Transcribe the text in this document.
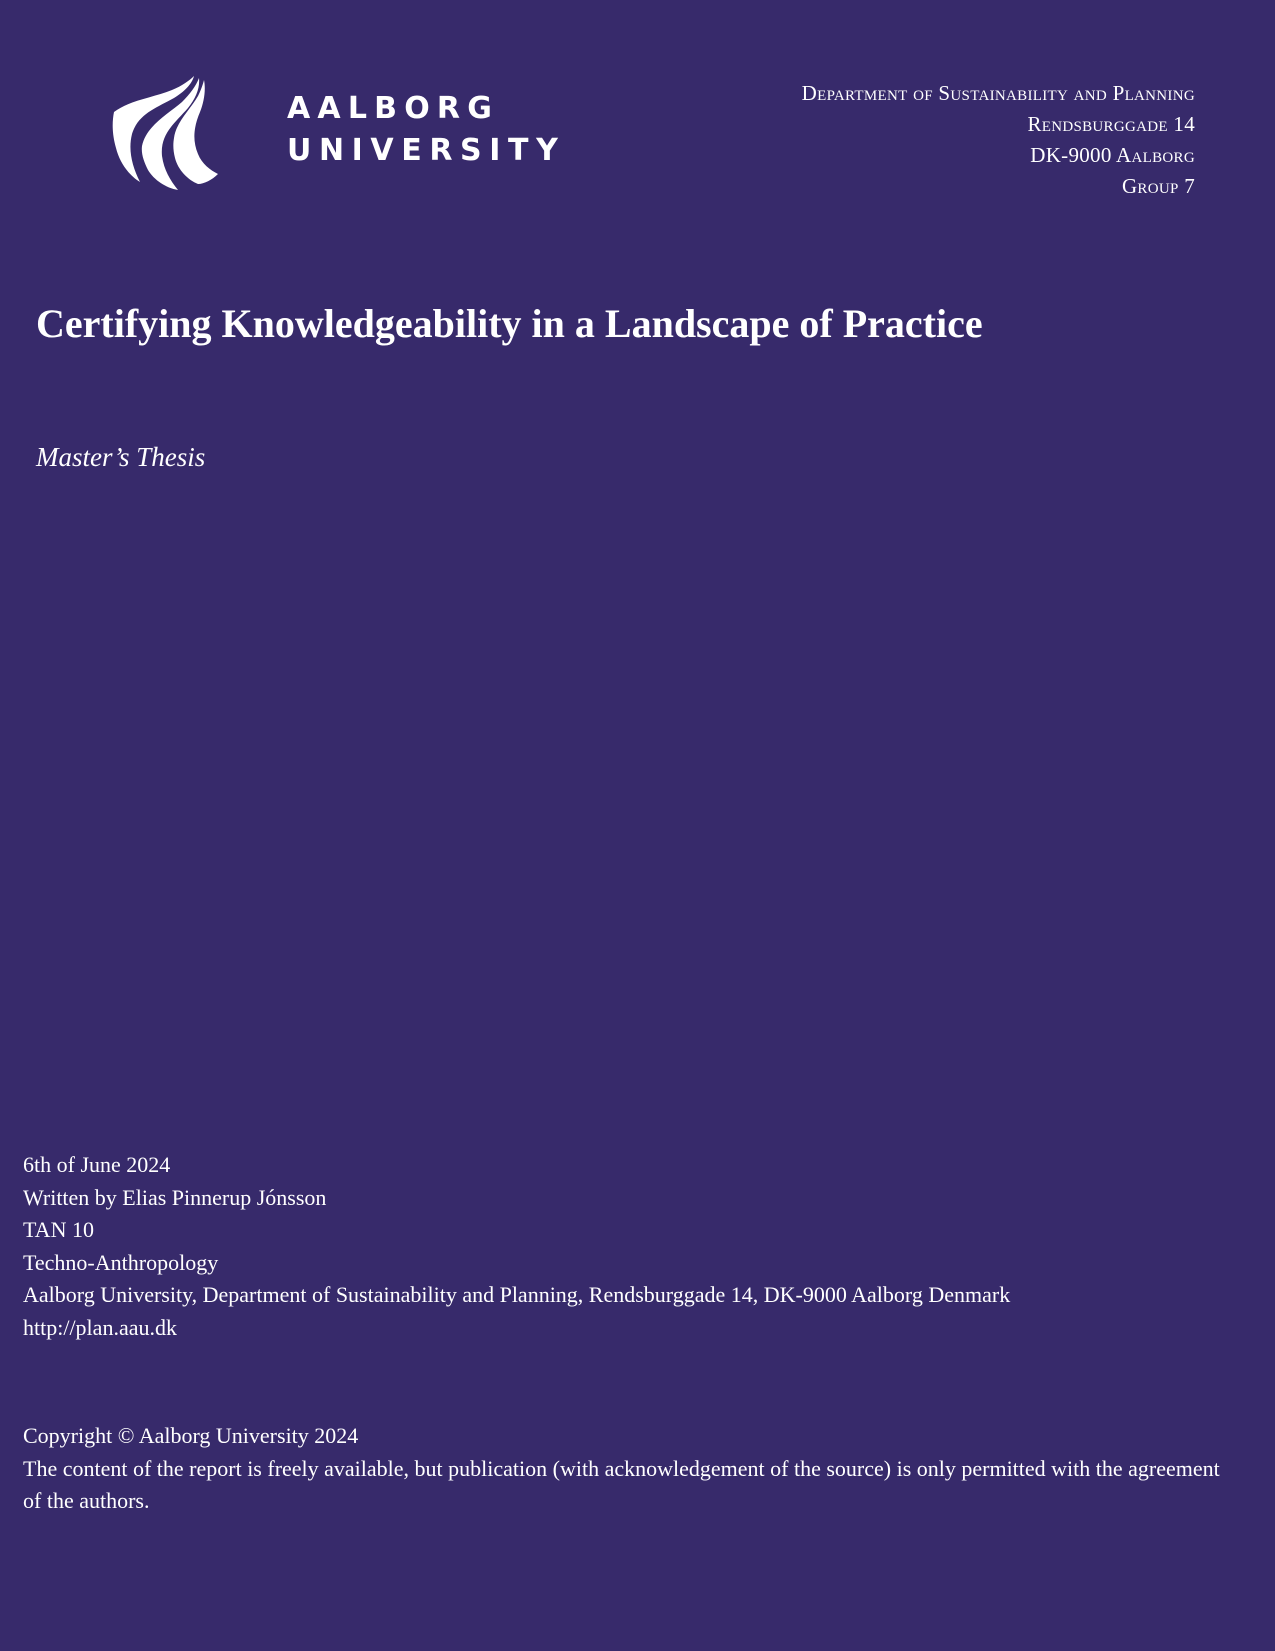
AALBORG
UNIVERSITY
Department of Sustainability and Planning
Rendsburggade 14
DK-9000 Aalborg
Group 7
Certifying Knowledgeability in a Landscape of Practice
Master’s Thesis
6th of June 2024
Written by Elias Pinnerup Jónsson
TAN 10
Techno-Anthropology
Aalborg University, Department of Sustainability and Planning, Rendsburggade 14, DK-9000 Aalborg Denmark
http://plan.aau.dk
Copyright © Aalborg University 2024
The content of the report is freely available, but publication (with acknowledgement of the source) is only permitted with the agreement of the authors.
